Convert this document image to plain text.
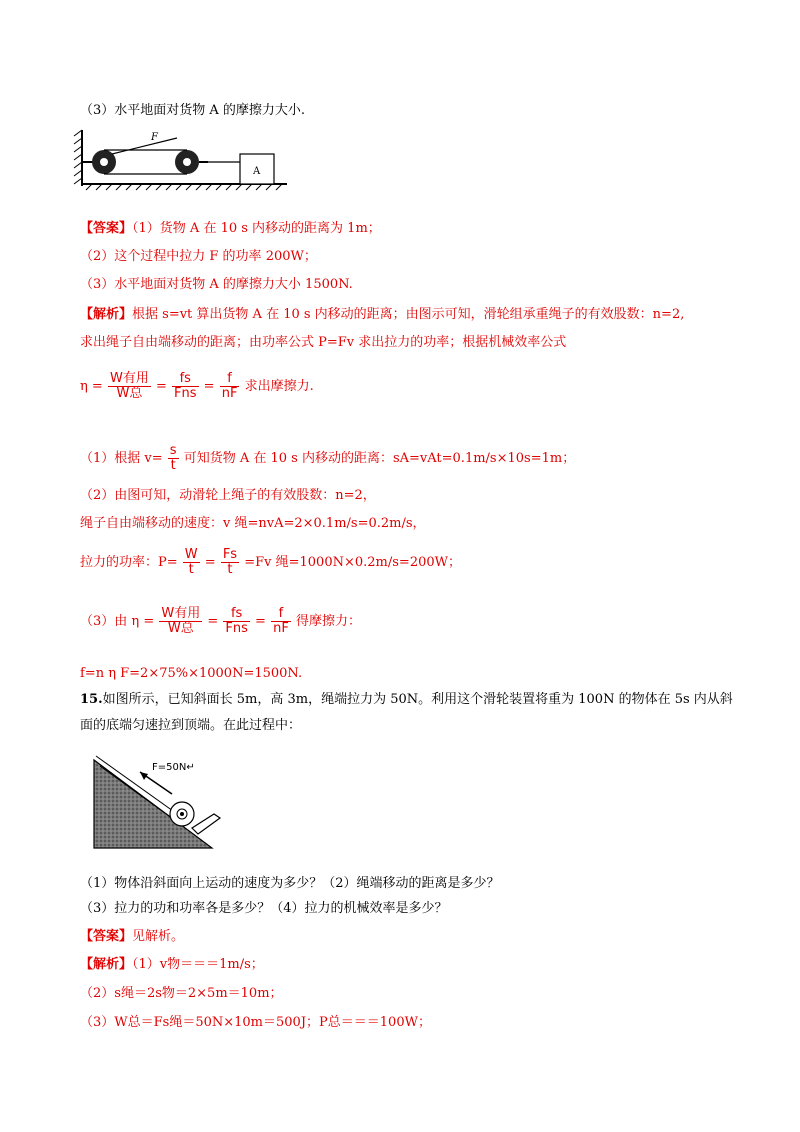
（3）水平地面对货物 A 的摩擦力大小.
F
A
【答案】（1）货物 A 在 10 s 内移动的距离为 1m；
（2）这个过程中拉力 F 的功率 200W；
（3）水平地面对货物 A 的摩擦力大小 1500N.
【解析】根据 s=vt 算出货物 A 在 10 s 内移动的距离；由图示可知，滑轮组承重绳子的有效股数：n=2,
求出绳子自由端移动的距离；由功率公式 P=Fv 求出拉力的功率；根据机械效率公式
$\eta = \frac{\text{W有用}}{\text{W总}} = \frac{fs}{\text{Fns}} = \frac{f}{nF}$ 求出摩擦力.
（1）根据 $v= \frac{s}{t}$ 可知货物 A 在 10 s 内移动的距离：sA=vAt=0.1m/s×10s=1m；
（2）由图可知，动滑轮上绳子的有效股数：n=2，
绳子自由端移动的速度：v 绳=nvA=2×0.1m/s=0.2m/s，
拉力的功率：$P= \frac{W}{t} = \frac{Fs}{t} =Fv$ 绳=1000N×0.2m/s=200W；
（3）由 $\eta = \frac{\text{W有用}}{\text{W总}} = \frac{fs}{\text{Fns}} = \frac{f}{nF}$ 得摩擦力：
f=n η F=2×75%×1000N=1500N.
15.如图所示，已知斜面长 5m，高 3m，绳端拉力为 50N。利用这个滑轮装置将重为 100N 的物体在 5s 内从斜
面的底端匀速拉到顶端。在此过程中：
F=50N↵
（1）物体沿斜面向上运动的速度为多少？（2）绳端移动的距离是多少？
（3）拉力的功和功率各是多少？（4）拉力的机械效率是多少？
【答案】见解析。
【解析】（1）v物＝＝＝1m/s；
（2）s绳＝2s物＝2×5m＝10m；
（3）W总＝Fs绳＝50N×10m＝500J；P总＝＝＝100W；
